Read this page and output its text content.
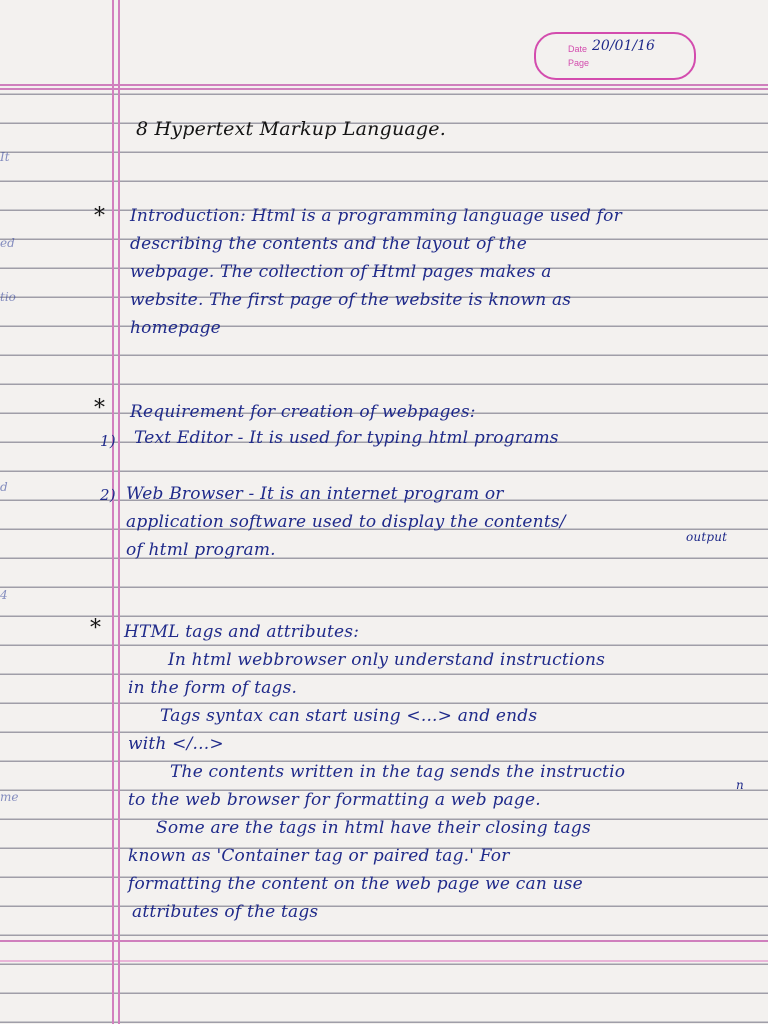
It
ed
tio
d
4
me
Date
Page
20/01/16
8 Hypertext Markup Language.
* Introduction: Html is a programming language used for
describing the contents and the layout of the
webpage. The collection of Html pages makes a
website. The first page of the website is known as
homepage
* Requirement for creation of webpages:
1) Text Editor - It is used for typing html programs
2) Web Browser - It is an internet program or
application software used to display the contents/
output
of html program.
* HTML tags and attributes:
In html webbrowser only understand instructions
in the form of tags.
Tags syntax can start using <...> and ends
with </...>
The contents written in the tag sends the instructio
n
to the web browser for formatting a web page.
Some are the tags in html have their closing tags
known as 'Container tag or paired tag.' For
formatting the content on the web page we can use
attributes of the tags
